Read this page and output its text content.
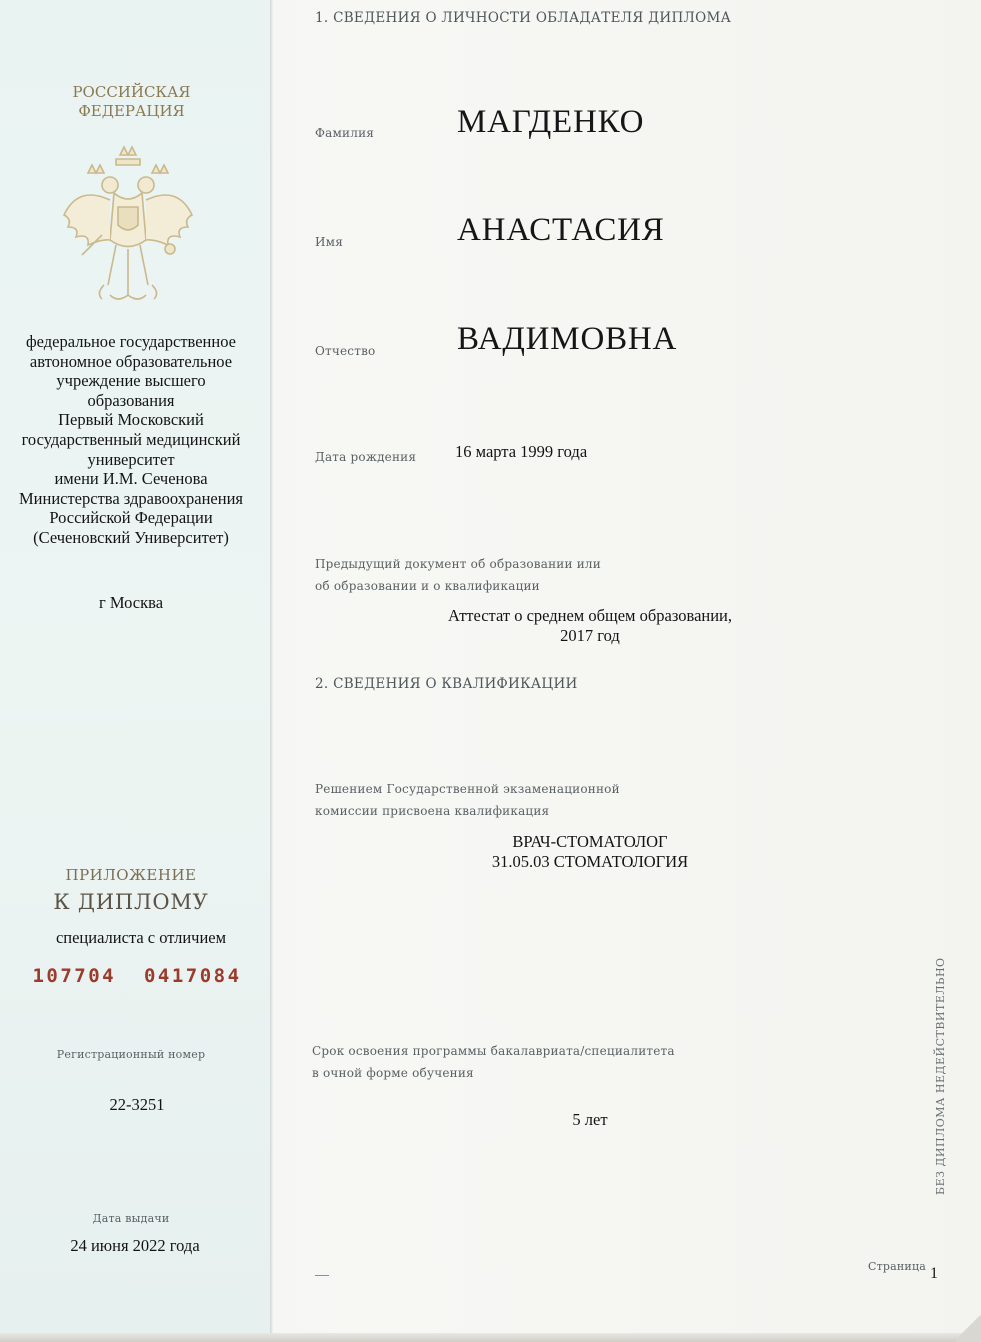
РОССИЙСКАЯ
ФЕДЕРАЦИЯ
федеральное государственное
автономное образовательное
учреждение высшего
образования
Первый Московский
государственный медицинский
университет
имени И.М. Сеченова
Министерства здравоохранения
Российской Федерации
(Сеченовский Университет)
г Москва
ПРИЛОЖЕНИЕ
К ДИПЛОМУ
специалиста с отличием
107704  0417084
Регистрационный номер
22-3251
Дата выдачи
24 июня 2022 года
1. СВЕДЕНИЯ О ЛИЧНОСТИ ОБЛАДАТЕЛЯ ДИПЛОМА
Фамилия	МАГДЕНКО
Имя	АНАСТАСИЯ
Отчество ВАДИМОВНА
Дата рождения 16 марта 1999 года
Предыдущий документ об образовании или
об образовании и о квалификации
Аттестат о среднем общем образовании,
2017 год
2. СВЕДЕНИЯ О КВАЛИФИКАЦИИ
Решением Государственной экзаменационной
комиссии присвоена квалификация
ВРАЧ-СТОМАТОЛОГ
31.05.03 СТОМАТОЛОГИЯ
Срок освоения программы бакалавриата/специалитета
в очной форме обучения
5 лет	БЕЗ ДИПЛОМА НЕДЕЙСТВИТЕЛЬНО
Страница 1
